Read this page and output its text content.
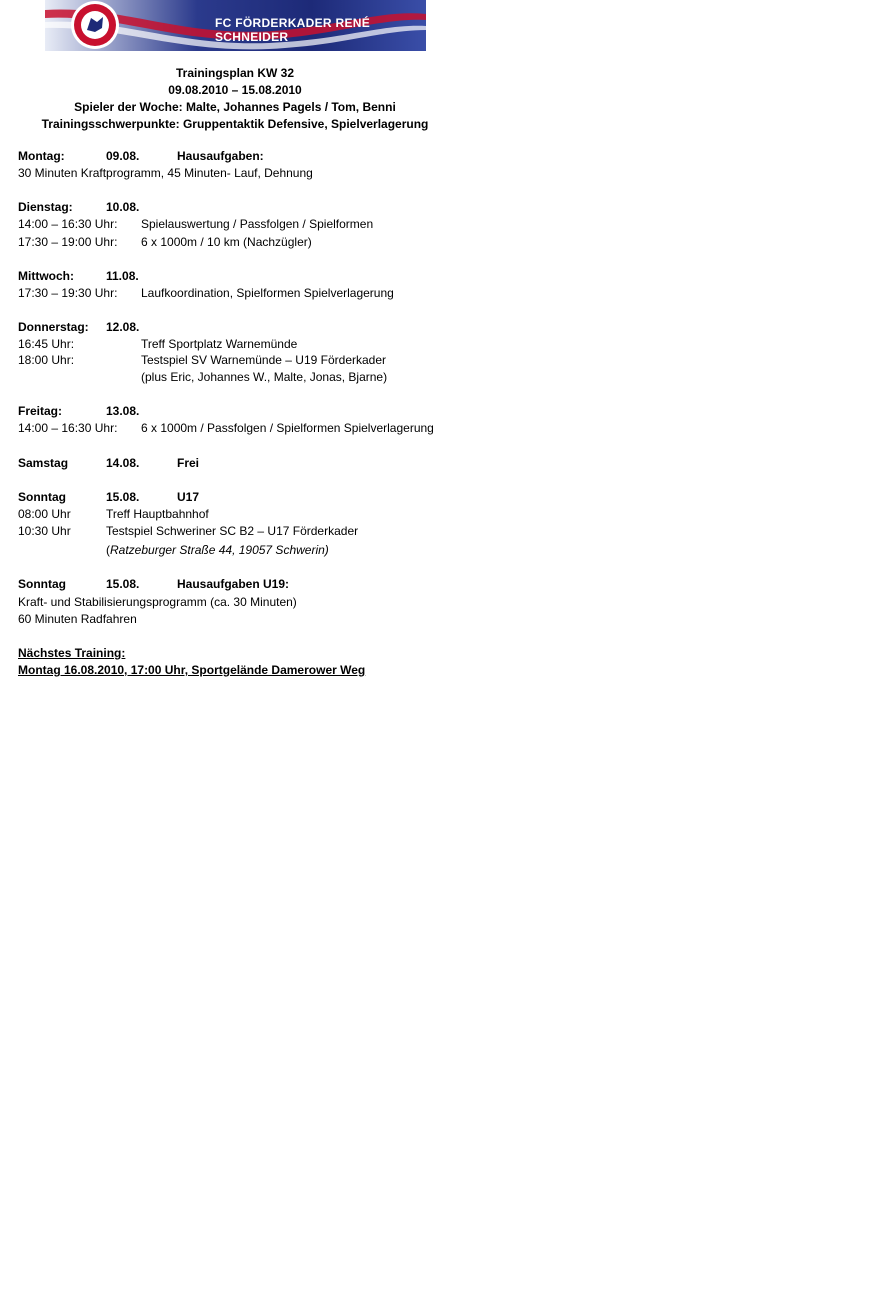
FC FÖRDERKADER RENÉ SCHNEIDER
Trainingsplan KW 32
09.08.2010 – 15.08.2010
Spieler der Woche: Malte, Johannes Pagels / Tom, Benni
Trainingsschwerpunkte: Gruppentaktik Defensive, Spielverlagerung
Montag:	09.08.	Hausaufgaben:
30 Minuten Kraftprogramm, 45 Minuten- Lauf, Dehnung
Dienstag:	10.08.
14:00 – 16:30 Uhr: Spielauswertung / Passfolgen / Spielformen
17:30 – 19:00 Uhr: 6 x 1000m / 10 km (Nachzügler)
Mittwoch:	11.08.
17:30 – 19:30 Uhr: Laufkoordination, Spielformen Spielverlagerung
Donnerstag: 12.08.
16:45 Uhr:	Treff Sportplatz Warnemünde
18:00 Uhr:	Testspiel SV Warnemünde – U19 Förderkader
(plus Eric, Johannes W., Malte, Jonas, Bjarne)
Freitag:	13.08.
14:00 – 16:30 Uhr: 6 x 1000m / Passfolgen / Spielformen Spielverlagerung
Samstag	14.08.	Frei
Sonntag	15.08.	U17
08:00 Uhr	Treff Hauptbahnhof
10:30 Uhr	Testspiel Schweriner SC B2 – U17 Förderkader
(Ratzeburger Straße 44, 19057 Schwerin)
Sonntag	15.08.	Hausaufgaben U19:
Kraft- und Stabilisierungsprogramm (ca. 30 Minuten)
60 Minuten Radfahren
Nächstes Training:
Montag 16.08.2010, 17:00 Uhr, Sportgelände Damerower Weg
